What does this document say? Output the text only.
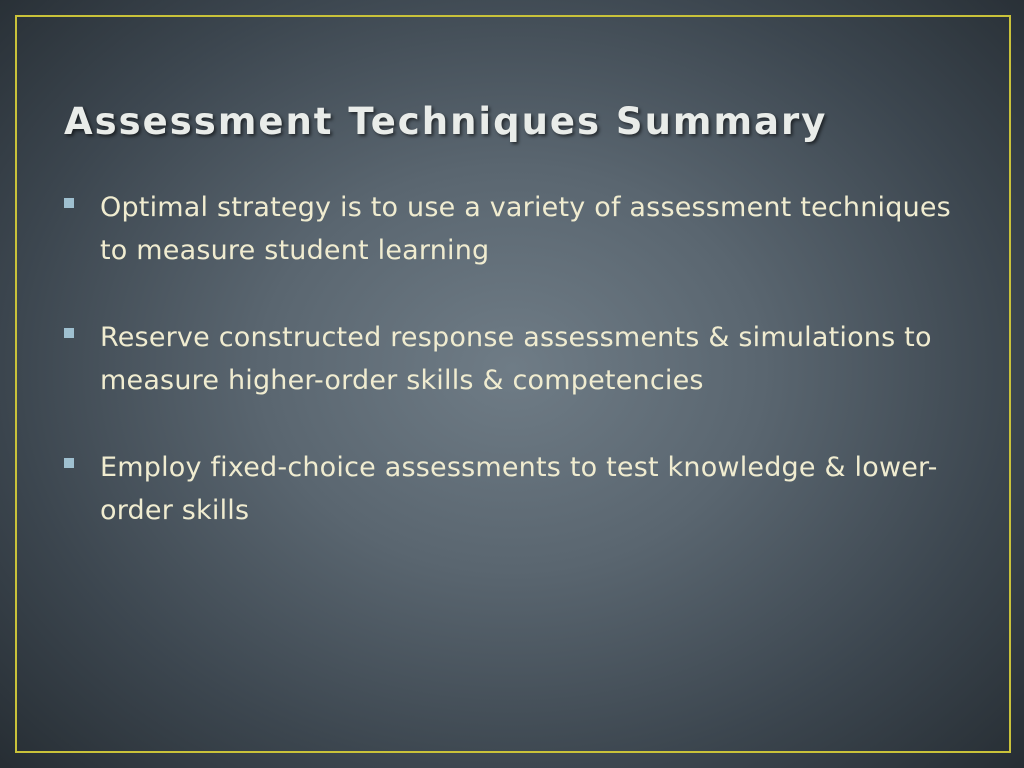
Assessment Techniques Summary
Optimal strategy is to use a variety of assessment techniques to measure student learning
Reserve constructed response assessments & simulations to measure higher-order skills & competencies
Employ fixed-choice assessments to test knowledge & lower-order skills
